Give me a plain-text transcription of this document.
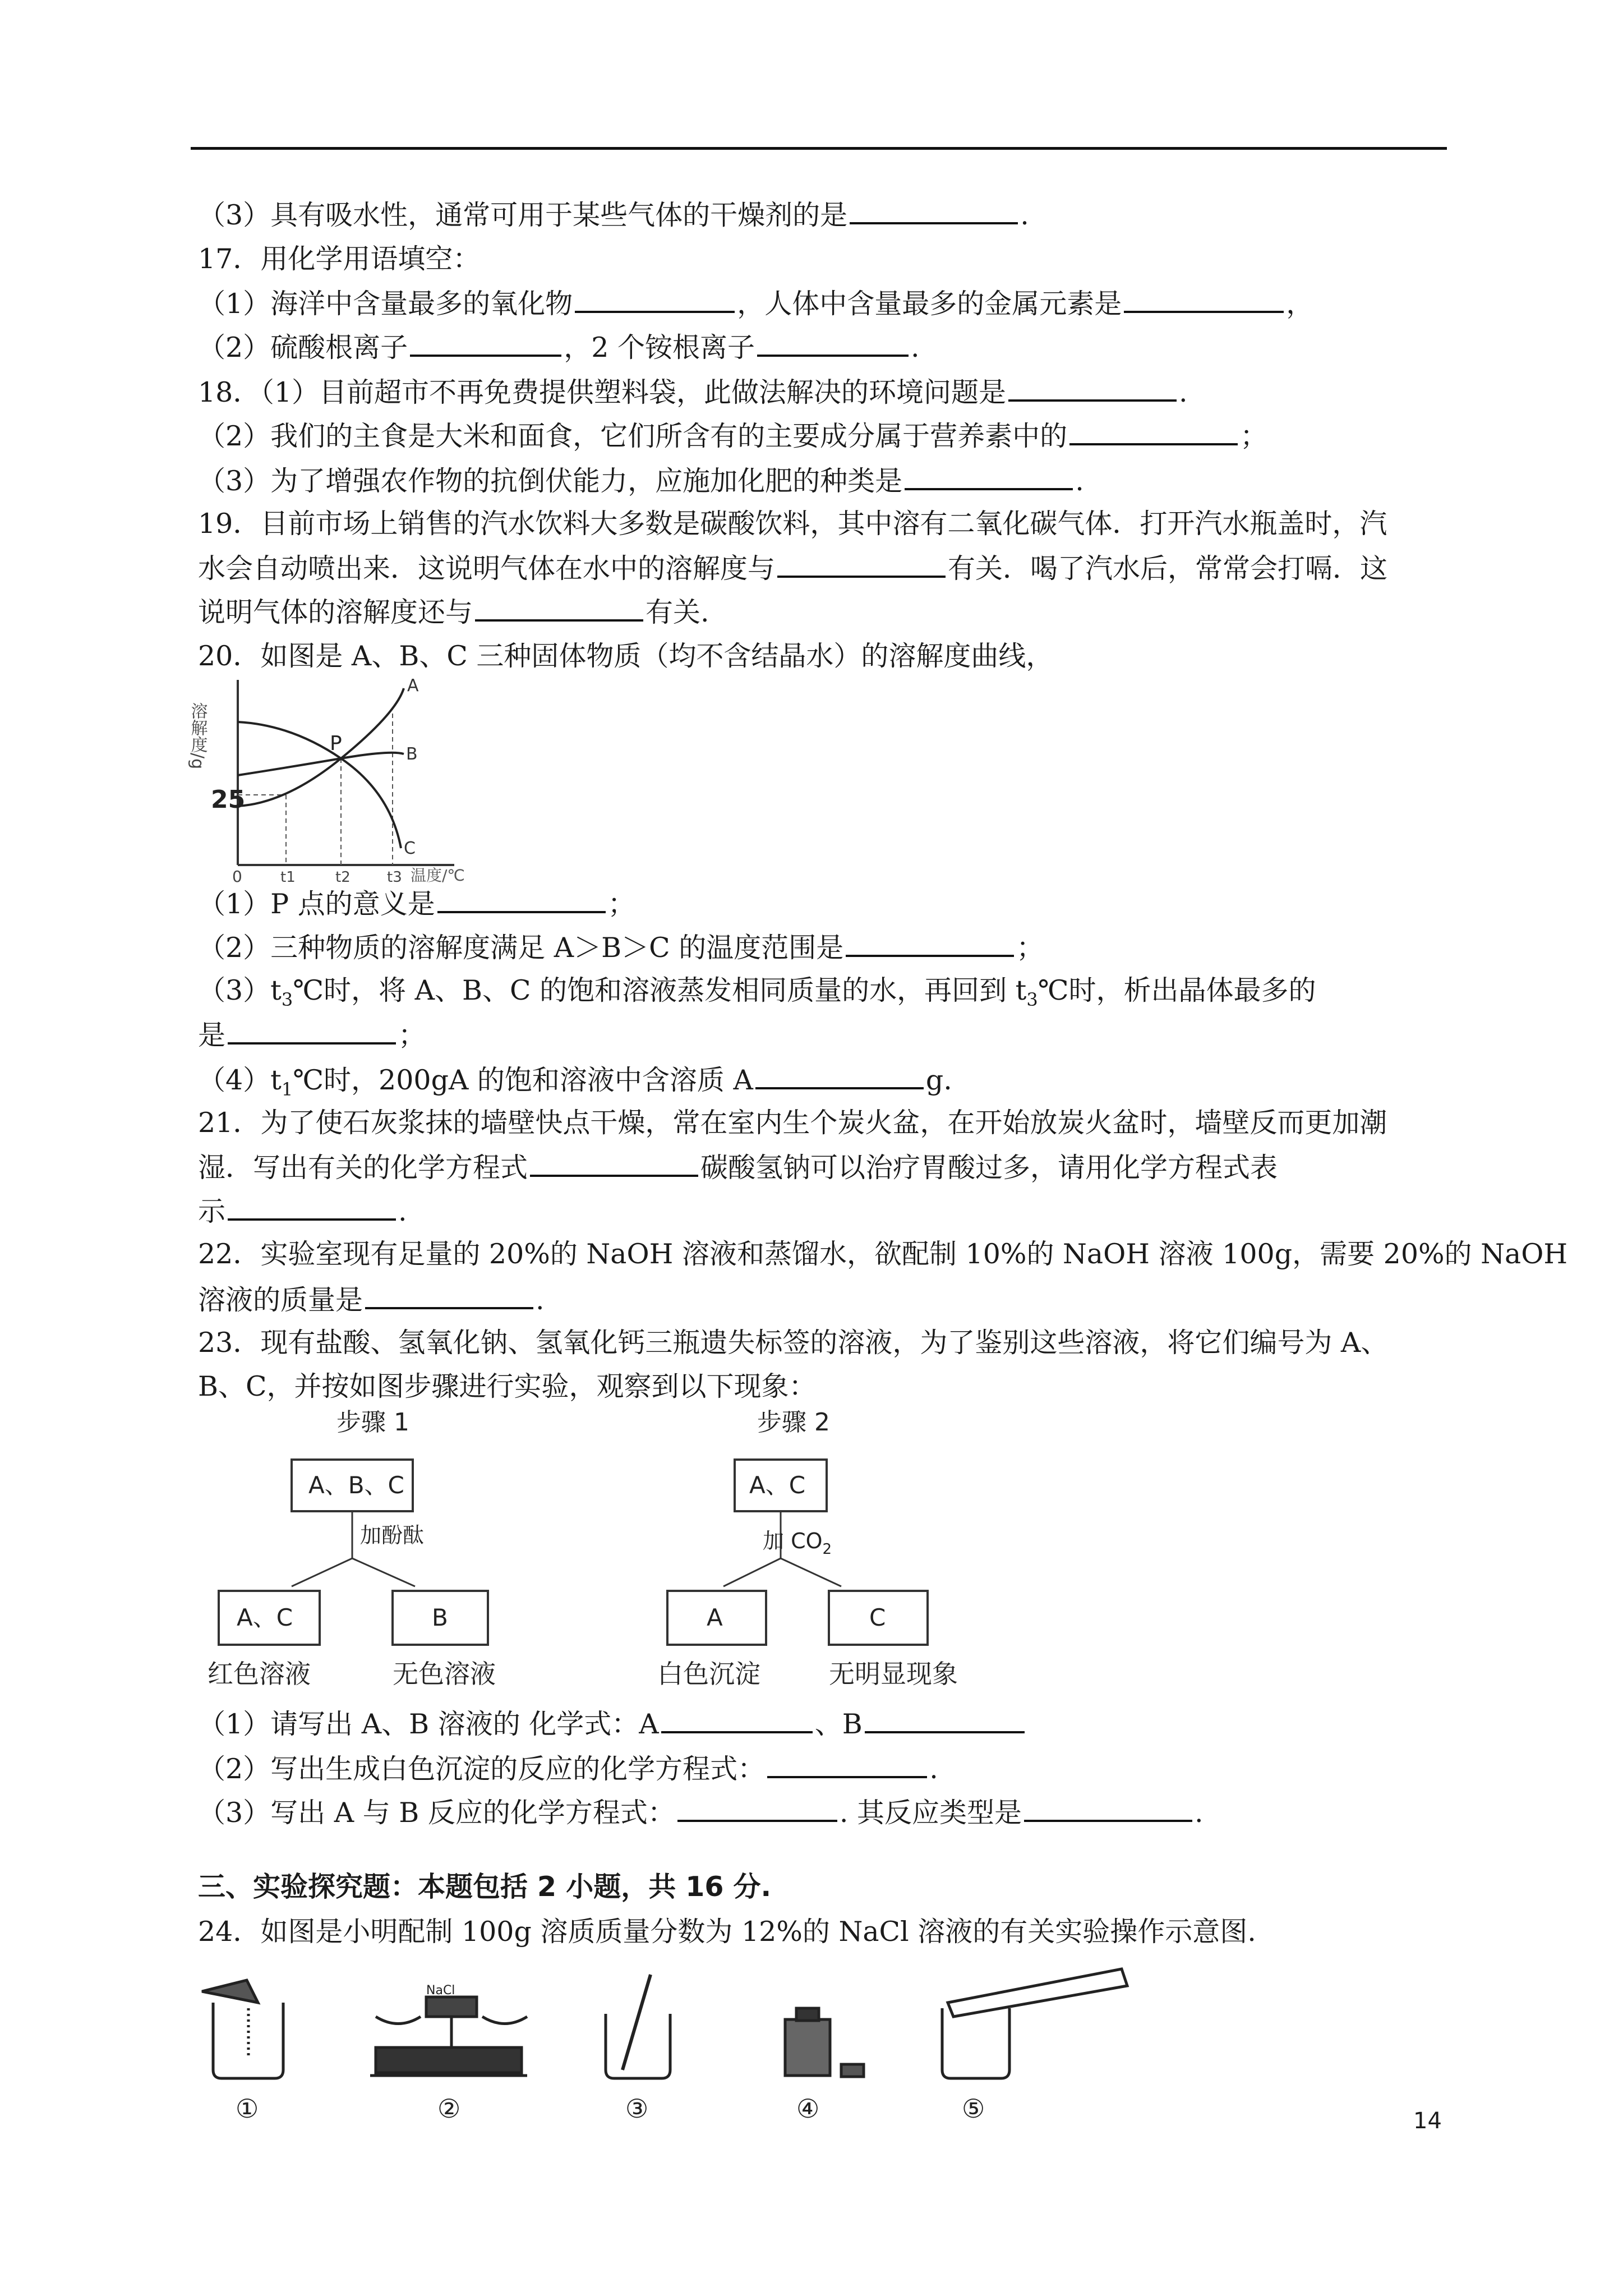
（3）具有吸水性，通常可用于某些气体的干燥剂的是	.
17．用化学用语填空：
（1）海洋中含量最多的氧化物	，人体中含量最多的金属元素是	，
（2）硫酸根离子	，2 个铵根离子	.
18．（1）目前超市不再免费提供塑料袋，此做法解决的环境问题是	.
（2）我们的主食是大米和面食，它们所含有的主要成分属于营养素中的	；
（3）为了增强农作物的抗倒伏能力，应施加化肥的种类是	.
19．目前市场上销售的汽水饮料大多数是碳酸饮料，其中溶有二氧化碳气体．打开汽水瓶盖时，汽
水会自动喷出来．这说明气体在水中的溶解度与	有关．喝了汽水后，常常会打嗝．这
说明气体的溶解度还与	有关.
20．如图是 A、B、C 三种固体物质（均不含结晶水）的溶解度曲线，
溶解度/g
25
0
P
A
B
C
t1	t2	t3 温度/℃
（1）P 点的意义是	；
（2）三种物质的溶解度满足 A＞B＞C 的温度范围是	；
$(3)t_3℃$时，将 A、B、C 的饱和溶液蒸发相同质量的水，再回到 $t_3℃$时，析出晶体最多的
是	；
$(4)t_1℃$时，200gA 的饱和溶液中含溶质 A	g.
21．为了使石灰浆抹的墙壁快点干燥，常在室内生个炭火盆，在开始放炭火盆时，墙壁反而更加潮
湿．写出有关的化学方程式	碳酸氢钠可以治疗胃酸过多，请用化学方程式表
示	.
22．实验室现有足量的 20%的 NaOH 溶液和蒸馏水，欲配制 10%的 NaOH 溶液 100g，需要 20%的 NaOH
溶液的质量是	.
23．现有盐酸、氢氧化钠、氢氧化钙三瓶遗失标签的溶液，为了鉴别这些溶液，将它们编号为 A、
B、C，并按如图步骤进行实验，观察到以下现象：
步骤 1
A、B、C
加酚酞
A、C	B
红色溶液	无色溶液
步骤 2
A、C
加 $CO_2$
A	C
白色沉淀	无明显现象
（1）请写出 A、B 溶液的 化学式：A	、B
（2）写出生成白色沉淀的反应的化学方程式：	.
（3）写出 A 与 B 反应的化学方程式：	. 其反应类型是	.
三、实验探究题：本题包括 2 小题，共 16 分.
24．如图是小明配制 100g 溶质质量分数为 12%的 NaCl 溶液的有关实验操作示意图.
NaCl
①	②	③	④	⑤	14
